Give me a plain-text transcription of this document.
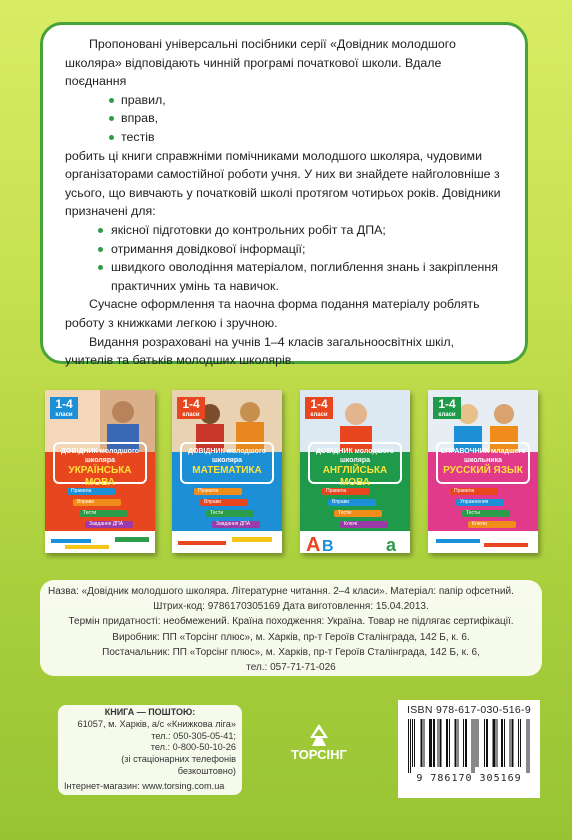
Пропоновані універсальні посібники серії «Довідник молодшого школяра» відповідають чинній програмі початкової школи. Вдале поєднання

правил,
вправ,
тестів

робить ці книги справжніми помічниками молодшого школяра, чудовими організаторами самостійної роботи учня. У них ви знайдете найголовніше з усього, що вивчають у початковій школі протягом чотирьох років. Довідники призначені для:

якісної підготовки до контрольних робіт та ДПА;
отримання довідкової інформації;
швидкого оволодіння матеріалом, поглиблення знань і закріплення практичних умінь та навичок.

Сучасне оформлення та наочна форма подання матеріалу роблять роботу з книжками легкою і зручною.

Видання розраховані на учнів 1–4 класів загальноосвітніх шкіл, учителів та батьків молодших школярів.

1-4
класи
ДОВІДНИК молодшого школяра
УКРАЇНСЬКА МОВА
Правила
Вправи
Тести
Завдання ДПА
1-4
класи
ДОВІДНИК молодшого школяра
МАТЕМАТИКА
Правила
Вправи
Тести
Завдання ДПА
1-4
класи
ДОВІДНИК молодшого школяра
АНГЛІЙСЬКА МОВА
Правила
Вправи
Тести
Ключі
A B	a
1-4
класи
СПРАВОЧНИК младшего школьника
РУССКИЙ ЯЗЫК
Правила
Упражнения
Тесты
Ключи
Назва: «Довідник молодшого школяра. Літературне читання. 2–4 класи». Матеріал: папір офсетний.
Штрих-код: 9786170305169 Дата виготовлення: 15.04.2013.
Термін придатності: необмежений. Країна походження: Україна. Товар не підлягає сертифікації.
Виробник: ПП «Торсінг плюс», м. Харків, пр-т Героїв Сталінграда, 142 Б, к. 6.
Постачальник: ПП «Торсінг плюс», м. Харків, пр-т Героїв Сталінграда, 142 Б, к. 6,
тел.: 057-71-71-026
КНИГА — ПОШТОЮ:
61057, м. Харків, а/с «Книжкова ліга»
тел.: 050-305-05-41;
тел.: 0-800-50-10-26
(зі стаціонарних телефонів безкоштовно)
Інтернет-магазин: www.torsing.com.ua
ТОРСІНГ
ISBN 978-617-030-516-9
9 786170 305169
